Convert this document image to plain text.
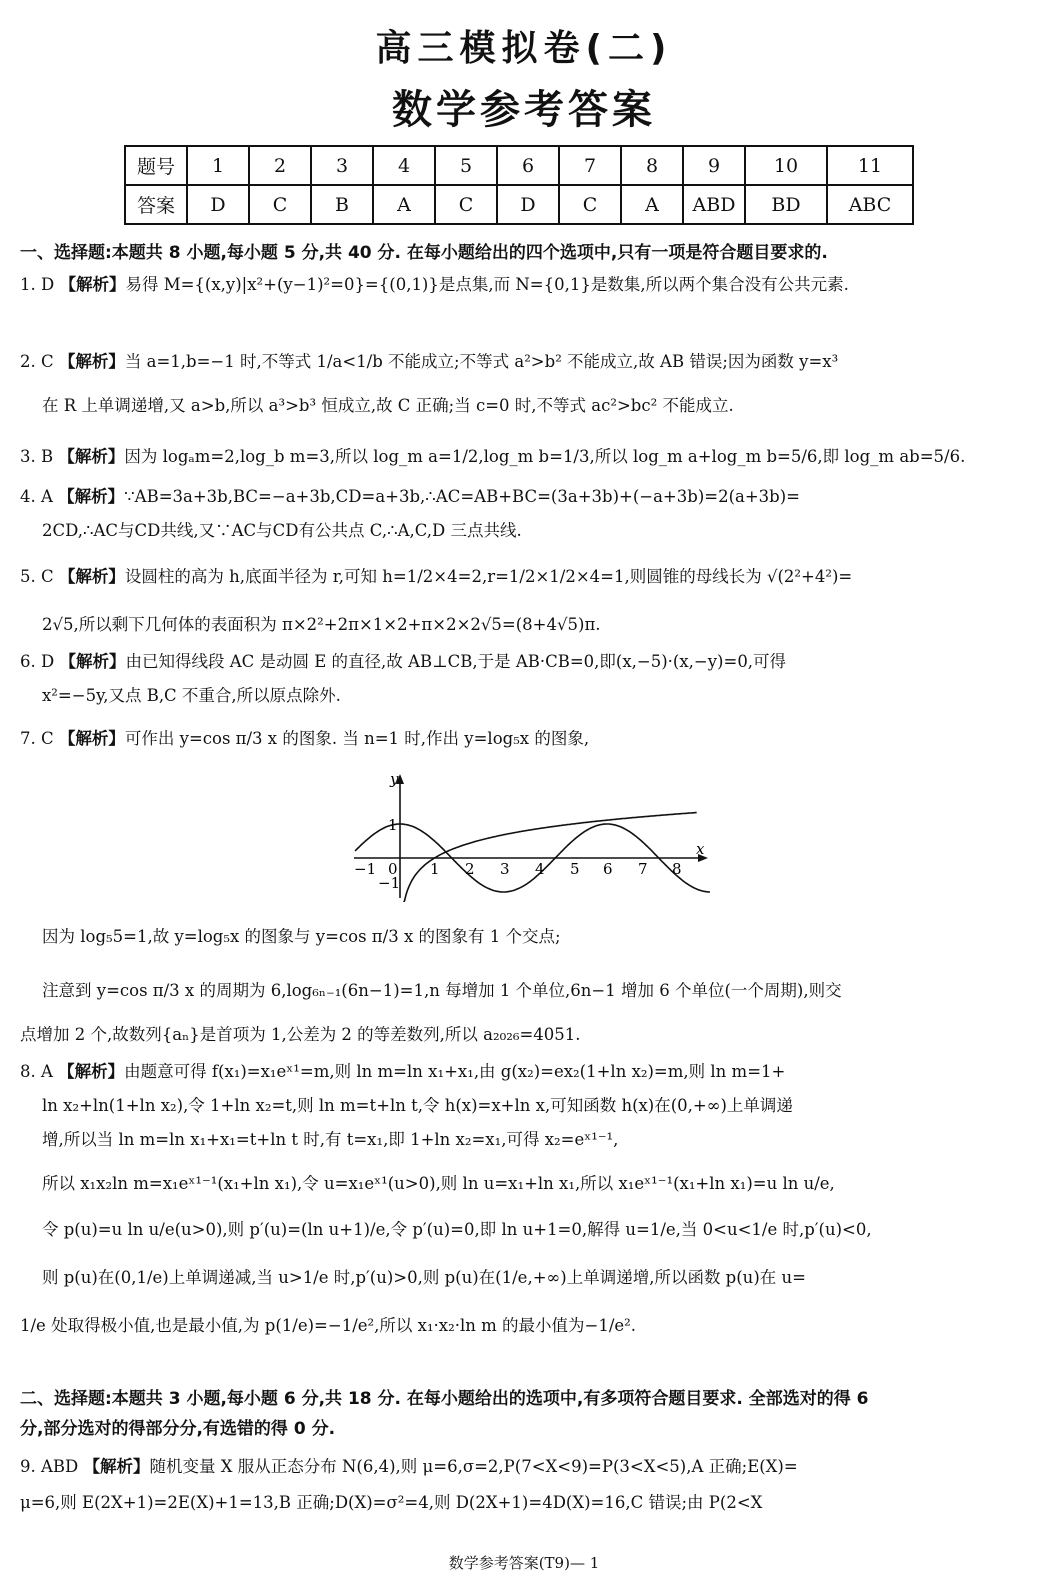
高三模拟卷(二)
数学参考答案
题号	1	2	3	4	5	6	7	8	9	10	11
答案	D	C	B	A	C	D	C	A	ABD	BD	ABC
一、选择题:本题共 8 小题,每小题 5 分,共 40 分. 在每小题给出的四个选项中,只有一项是符合题目要求的.
1. D 【解析】易得 M={(x,y)|x²+(y−1)²=0}={(0,1)}是点集,而 N={0,1}是数集,所以两个集合没有公共元素.
2. C 【解析】当 a=1,b=−1 时,不等式 1/a<1/b 不能成立;不等式 a²>b² 不能成立,故 AB 错误;因为函数 y=x³
在 R 上单调递增,又 a>b,所以 a³>b³ 恒成立,故 C 正确;当 c=0 时,不等式 ac²>bc² 不能成立.
3. B 【解析】因为 logₐm=2,log_b m=3,所以 log_m a=1/2,log_m b=1/3,所以 log_m a+log_m b=5/6,即 log_m ab=5/6.
4. A 【解析】∵AB=3a+3b,BC=−a+3b,CD=a+3b,∴AC=AB+BC=(3a+3b)+(−a+3b)=2(a+3b)=
2CD,∴AC与CD共线,又∵AC与CD有公共点 C,∴A,C,D 三点共线.
5. C 【解析】设圆柱的高为 h,底面半径为 r,可知 h=1/2×4=2,r=1/2×1/2×4=1,则圆锥的母线长为 √(2²+4²)=
2√5,所以剩下几何体的表面积为 π×2²+2π×1×2+π×2×2√5=(8+4√5)π.
6. D 【解析】由已知得线段 AC 是动圆 E 的直径,故 AB⊥CB,于是 AB·CB=0,即(x,−5)·(x,−y)=0,可得
x²=−5y,又点 B,C 不重合,所以原点除外.
7. C 【解析】可作出 y=cos π/3 x 的图象. 当 n=1 时,作出 y=log₅x 的图象,
y
x
0
−1	1 2 3 4 5 6 7 8
1
−1
因为 log₅5=1,故 y=log₅x 的图象与 y=cos π/3 x 的图象有 1 个交点;
注意到 y=cos π/3 x 的周期为 6,log₆ₙ₋₁(6n−1)=1,n 每增加 1 个单位,6n−1 增加 6 个单位(一个周期),则交
点增加 2 个,故数列{aₙ}是首项为 1,公差为 2 的等差数列,所以 a₂₀₂₆=4051.
8. A 【解析】由题意可得 f(x₁)=x₁eˣ¹=m,则 ln m=ln x₁+x₁,由 g(x₂)=ex₂(1+ln x₂)=m,则 ln m=1+
ln x₂+ln(1+ln x₂),令 1+ln x₂=t,则 ln m=t+ln t,令 h(x)=x+ln x,可知函数 h(x)在(0,+∞)上单调递
增,所以当 ln m=ln x₁+x₁=t+ln t 时,有 t=x₁,即 1+ln x₂=x₁,可得 x₂=eˣ¹⁻¹,
所以 x₁x₂ln m=x₁eˣ¹⁻¹(x₁+ln x₁),令 u=x₁eˣ¹(u>0),则 ln u=x₁+ln x₁,所以 x₁eˣ¹⁻¹(x₁+ln x₁)=u ln u/e,
令 p(u)=u ln u/e(u>0),则 p′(u)=(ln u+1)/e,令 p′(u)=0,即 ln u+1=0,解得 u=1/e,当 0<u<1/e 时,p′(u)<0,
则 p(u)在(0,1/e)上单调递减,当 u>1/e 时,p′(u)>0,则 p(u)在(1/e,+∞)上单调递增,所以函数 p(u)在 u=
1/e 处取得极小值,也是最小值,为 p(1/e)=−1/e²,所以 x₁·x₂·ln m 的最小值为−1/e².
二、选择题:本题共 3 小题,每小题 6 分,共 18 分. 在每小题给出的选项中,有多项符合题目要求. 全部选对的得 6
分,部分选对的得部分分,有选错的得 0 分.
9. ABD 【解析】随机变量 X 服从正态分布 N(6,4),则 μ=6,σ=2,P(7<X<9)=P(3<X<5),A 正确;E(X)=
μ=6,则 E(2X+1)=2E(X)+1=13,B 正确;D(X)=σ²=4,则 D(2X+1)=4D(X)=16,C 错误;由 P(2<X
数学参考答案(T9)— 1
